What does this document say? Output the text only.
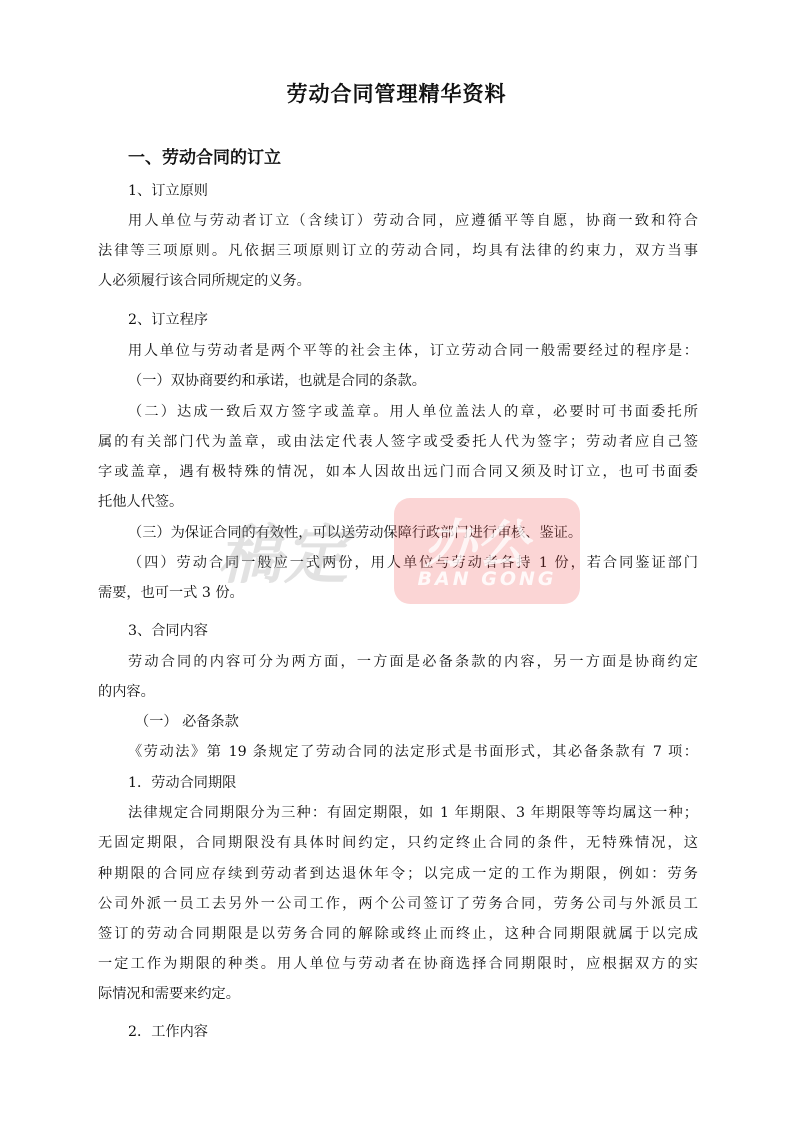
劳动合同管理精华资料
一、劳动合同的订立
1、订立原则
用人单位与劳动者订立（含续订）劳动合同，应遵循平等自愿，协商一致和符合
法律等三项原则。凡依据三项原则订立的劳动合同，均具有法律的约束力，双方当事
人必须履行该合同所规定的义务。
2、订立程序
用人单位与劳动者是两个平等的社会主体，订立劳动合同一般需要经过的程序是：
（一）双协商要约和承诺，也就是合同的条款。
（二）达成一致后双方签字或盖章。用人单位盖法人的章，必要时可书面委托所
属的有关部门代为盖章，或由法定代表人签字或受委托人代为签字；劳动者应自己签
字或盖章，遇有极特殊的情况，如本人因故出远门而合同又须及时订立，也可书面委
托他人代签。
（三）为保证合同的有效性，可以送劳动保障行政部门进行审核、鉴证。
（四）劳动合同一般应一式两份，用人单位与劳动者各持 1 份，若合同鉴证部门
需要，也可一式 3 份。
3、合同内容
劳动合同的内容可分为两方面，一方面是必备条款的内容，另一方面是协商约定
的内容。
（一） 必备条款
《劳动法》第 19 条规定了劳动合同的法定形式是书面形式，其必备条款有 7 项：
1．劳动合同期限
法律规定合同期限分为三种：有固定期限，如 1 年期限、3 年期限等等均属这一种；
无固定期限，合同期限没有具体时间约定，只约定终止合同的条件，无特殊情况，这
种期限的合同应存续到劳动者到达退休年令；以完成一定的工作为期限，例如：劳务
公司外派一员工去另外一公司工作，两个公司签订了劳务合同，劳务公司与外派员工
签订的劳动合同期限是以劳务合同的解除或终止而终止，这种合同期限就属于以完成
一定工作为期限的种类。用人单位与劳动者在协商选择合同期限时，应根据双方的实
际情况和需要来约定。
2．工作内容
稿定 办公
BAN GONG
